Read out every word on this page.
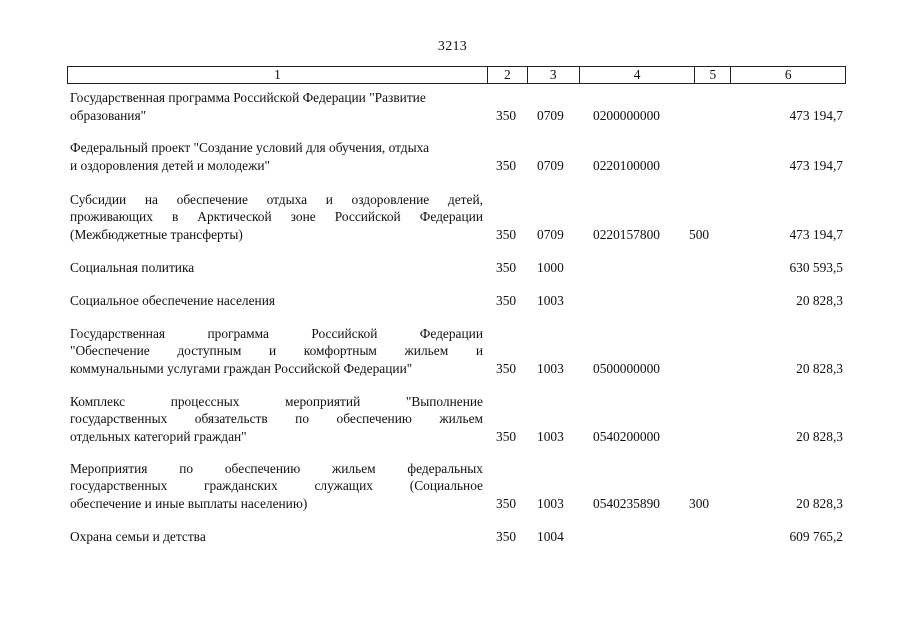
3213
1	2	3	4	5	6
Государственная программа Российской Федерации "Развитие
образования"	350 0709 0200000000	473 194,7
Федеральный проект "Создание условий для обучения, отдыха
и оздоровления детей и молодежи"	350 0709 0220100000	473 194,7
Субсидии на обеспечение отдыха и оздоровление детей,
проживающих в Арктической зоне Российской Федерации
(Межбюджетные трансферты)	350 0709 0220157800 500	473 194,7
Социальная политика	350 1000	630 593,5
Социальное обеспечение населения	350 1003	20 828,3
Государственная программа Российской Федерации
"Обеспечение доступным и комфортным жильем и
коммунальными услугами граждан Российской Федерации"	350 1003 0500000000	20 828,3
Комплекс процессных мероприятий "Выполнение
государственных обязательств по обеспечению жильем
отдельных категорий граждан"	350 1003 0540200000	20 828,3
Мероприятия по обеспечению жильем федеральных
государственных гражданских служащих (Социальное
обеспечение и иные выплаты населению)	350 1003 0540235890 300	20 828,3
Охрана семьи и детства	350 1004	609 765,2
